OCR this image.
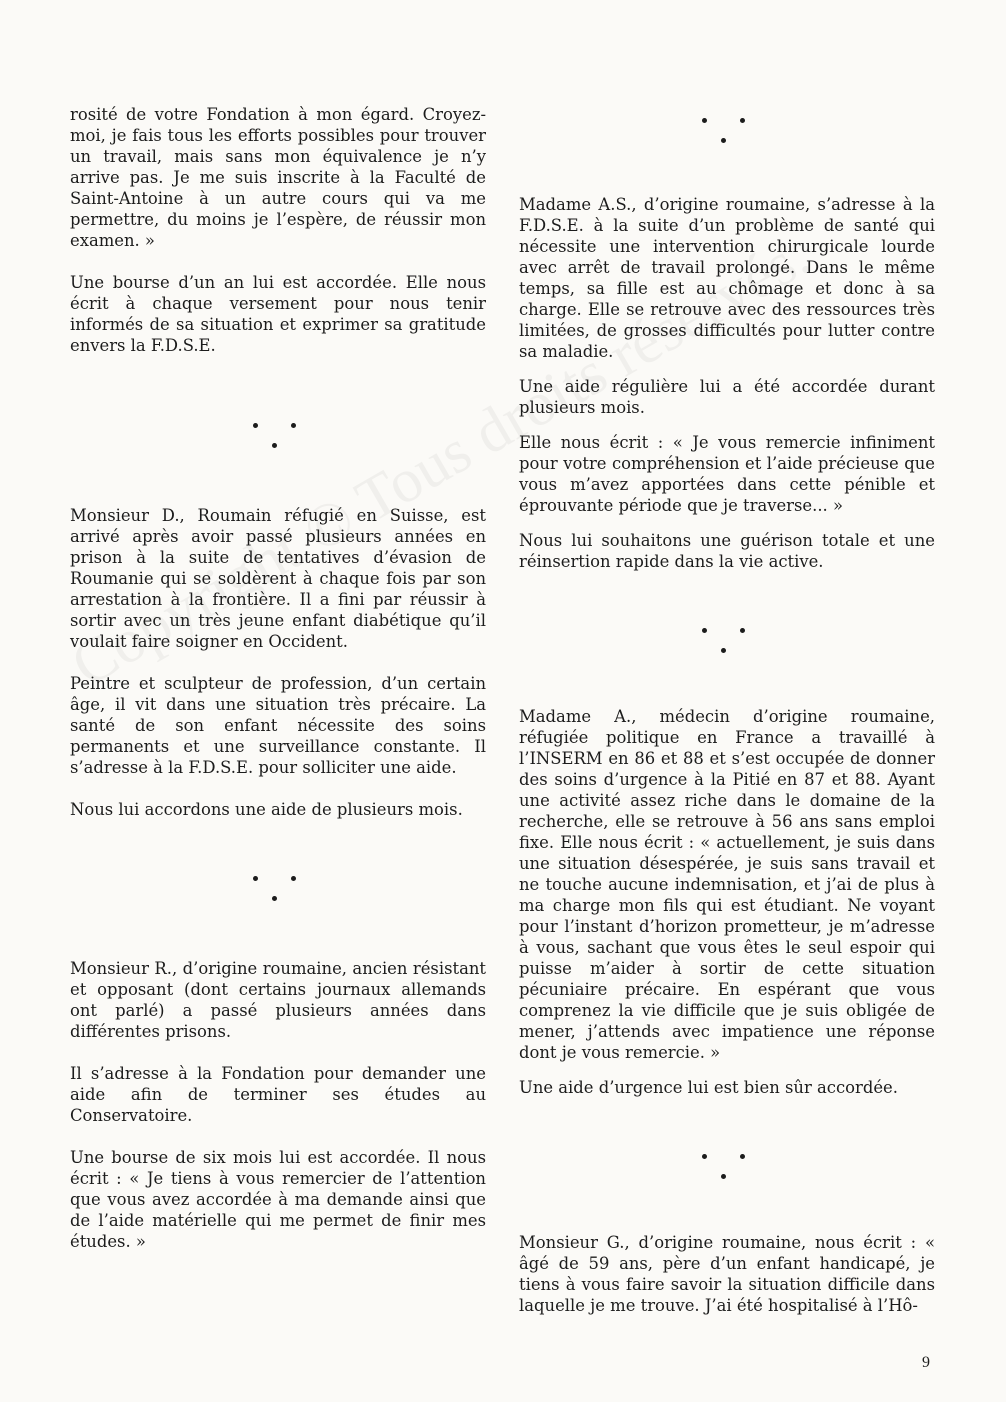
rosité de votre Fondation à mon égard. Croyez-moi, je fais tous les efforts possibles pour trouver un travail, mais sans mon équivalence je n’y arrive pas. Je me suis inscrite à la Faculté de Saint-Antoine à un autre cours qui va me permettre, du moins je l’espère, de réussir mon examen. »

Une bourse d’un an lui est accordée. Elle nous écrit à chaque versement pour nous tenir informés de sa situation et exprimer sa gratitude envers la F.D.S.E.

Monsieur D., Roumain réfugié en Suisse, est arrivé après avoir passé plusieurs années en prison à la suite de tentatives d’évasion de Roumanie qui se soldèrent à chaque fois par son arrestation à la frontière. Il a fini par réussir à sortir avec un très jeune enfant diabétique qu’il voulait faire soigner en Occident.

Peintre et sculpteur de profession, d’un certain âge, il vit dans une situation très précaire. La santé de son enfant nécessite des soins permanents et une surveillance constante. Il s’adresse à la F.D.S.E. pour solliciter une aide.

Nous lui accordons une aide de plusieurs mois.

Monsieur R., d’origine roumaine, ancien résistant et opposant (dont certains journaux allemands ont parlé) a passé plusieurs années dans différentes prisons.

Il s’adresse à la Fondation pour demander une aide afin de terminer ses études au Conservatoire.

Une bourse de six mois lui est accordée. Il nous écrit : « Je tiens à vous remercier de l’attention que vous avez accordée à ma demande ainsi que de l’aide matérielle qui me permet de finir mes études. »

Madame A.S., d’origine roumaine, s’adresse à la F.D.S.E. à la suite d’un problème de santé qui nécessite une intervention chirurgicale lourde avec arrêt de travail prolongé. Dans le même temps, sa fille est au chômage et donc à sa charge. Elle se retrouve avec des ressources très limitées, de grosses difficultés pour lutter contre sa maladie.

Une aide régulière lui a été accordée durant plusieurs mois.

Elle nous écrit : « Je vous remercie infiniment pour votre compréhension et l’aide précieuse que vous m’avez apportées dans cette pénible et éprouvante période que je traverse... »

Nous lui souhaitons une guérison totale et une réinsertion rapide dans la vie active.

Madame A., médecin d’origine roumaine, réfugiée politique en France a travaillé à l’INSERM en 86 et 88 et s’est occupée de donner des soins d’urgence à la Pitié en 87 et 88. Ayant une activité assez riche dans le domaine de la recherche, elle se retrouve à 56 ans sans emploi fixe. Elle nous écrit : « actuellement, je suis dans une situation désespérée, je suis sans travail et ne touche aucune indemnisation, et j’ai de plus à ma charge mon fils qui est étudiant. Ne voyant pour l’instant d’horizon prometteur, je m’adresse à vous, sachant que vous êtes le seul espoir qui puisse m’aider à sortir de cette situation pécuniaire précaire. En espérant que vous comprenez la vie difficile que je suis obligée de mener, j’attends avec impatience une réponse dont je vous remercie. »

Une aide d’urgence lui est bien sûr accordée.

Monsieur G., d’origine roumaine, nous écrit : « âgé de 59 ans, père d’un enfant handicapé, je tiens à vous faire savoir la situation difficile dans laquelle je me trouve. J’ai été hospitalisé à l’Hô-

9
